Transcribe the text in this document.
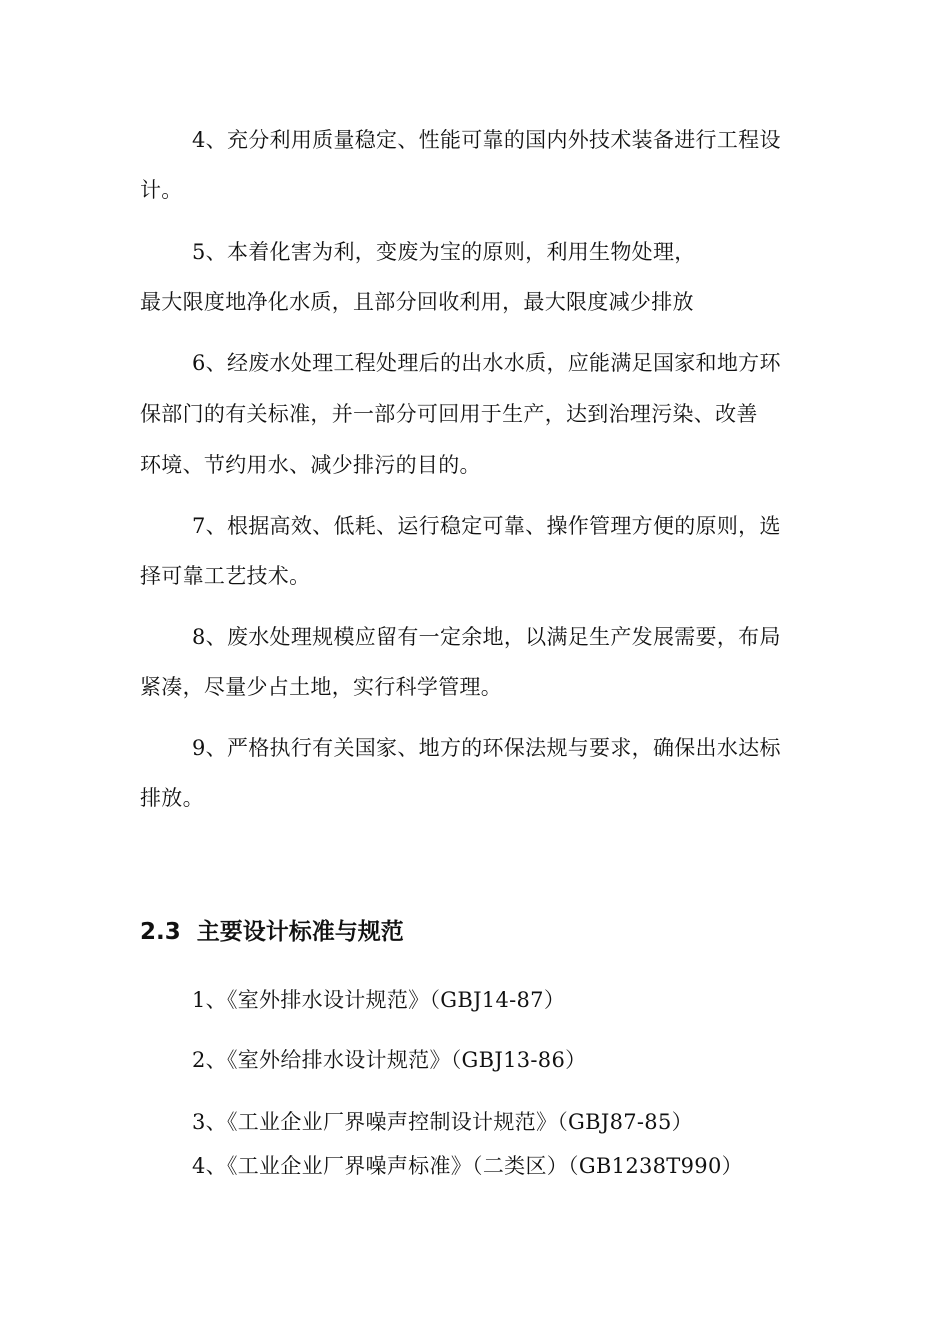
4、充分利用质量稳定、性能可靠的国内外技术装备进行工程设
计。
5、本着化害为利，变废为宝的原则，利用生物处理，
最大限度地净化水质，且部分回收利用，最大限度减少排放
6、经废水处理工程处理后的出水水质，应能满足国家和地方环
保部门的有关标准，并一部分可回用于生产，达到治理污染、改善
环境、节约用水、减少排污的目的。
7、根据高效、低耗、运行稳定可靠、操作管理方便的原则，选
择可靠工艺技术。
8、废水处理规模应留有一定余地，以满足生产发展需要，布局
紧凑，尽量少占土地，实行科学管理。
9、严格执行有关国家、地方的环保法规与要求，确保出水达标
排放。
2.3 主要设计标准与规范
1、《室外排水设计规范》（GBJ14-87）
2、《室外给排水设计规范》（GBJ13-86）
3、《工业企业厂界噪声控制设计规范》（GBJ87-85）
4、《工业企业厂界噪声标准》（二类区）（GB1238T990）
